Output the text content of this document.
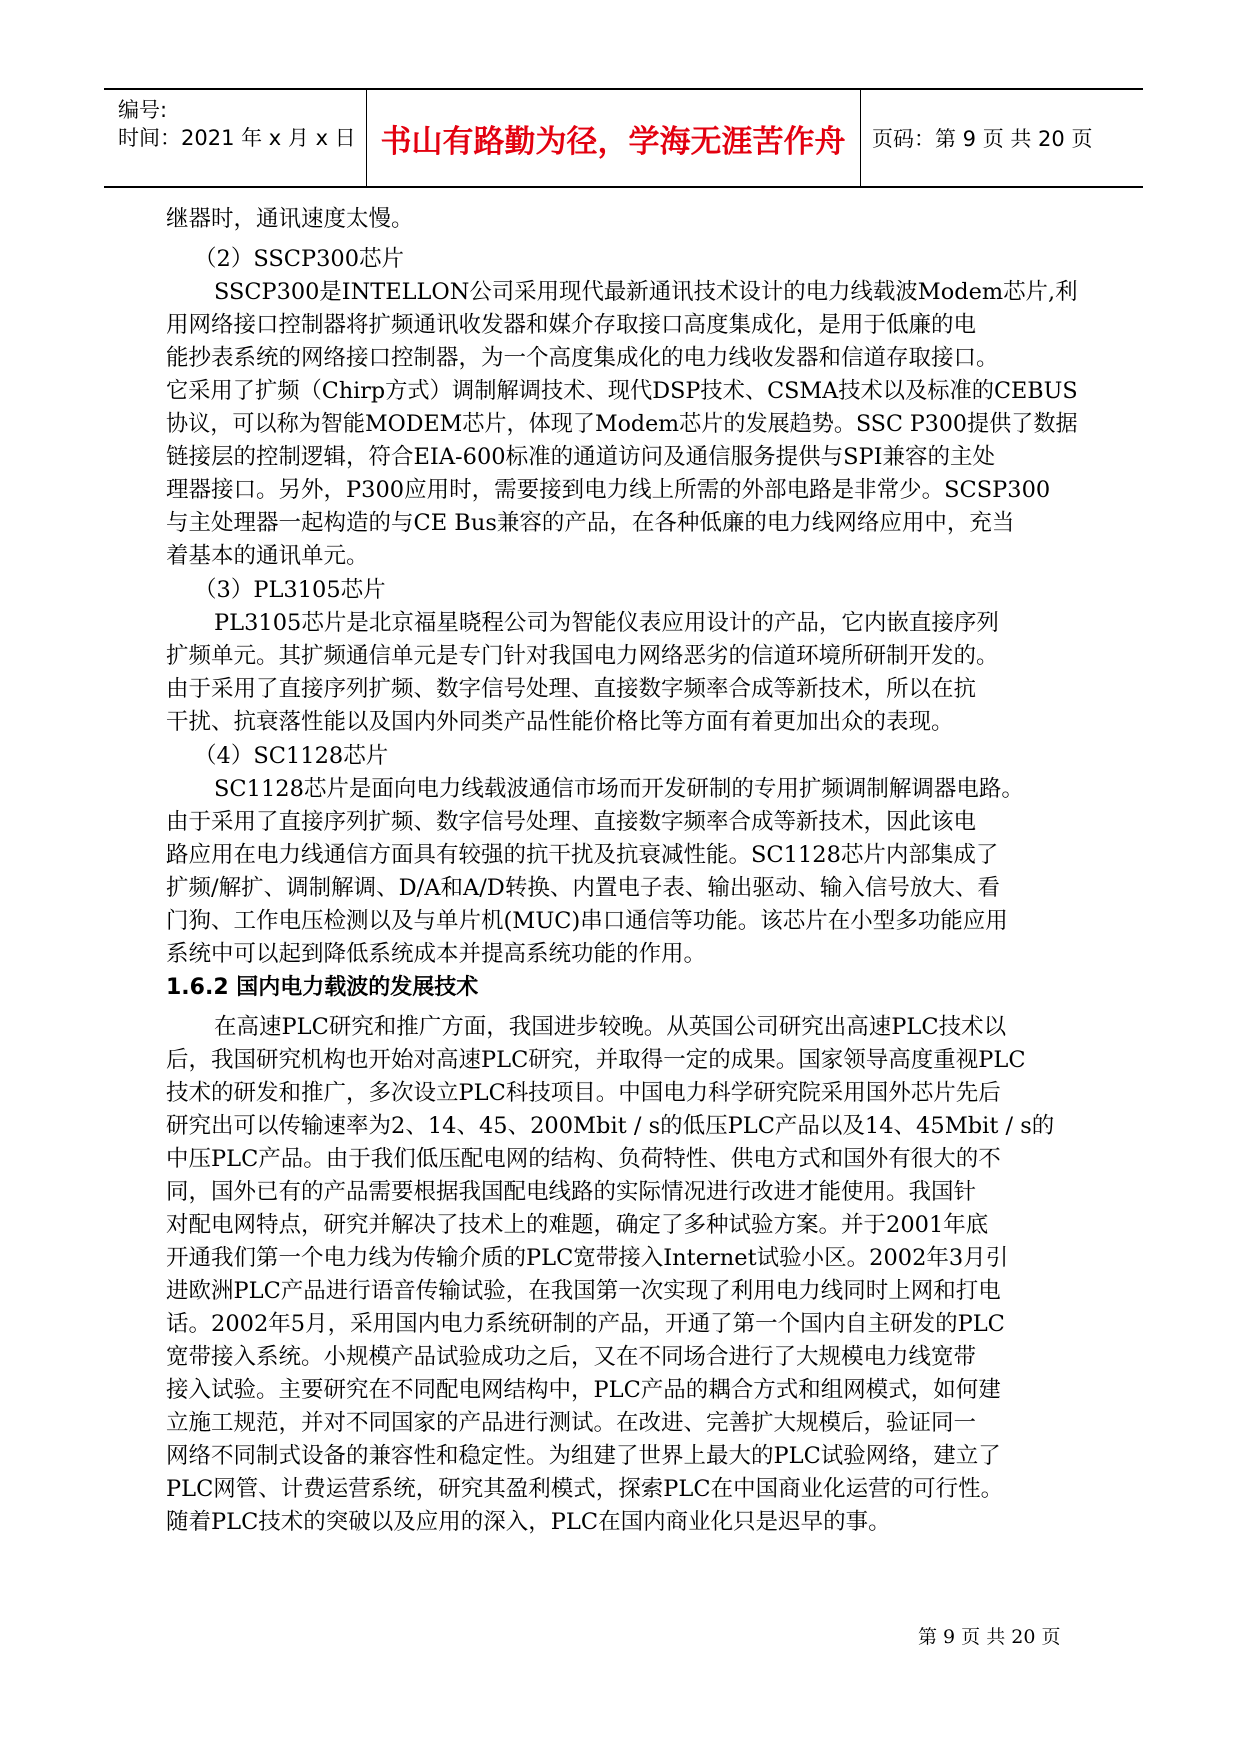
编号:
时间：2021 年 x 月 x 日 书山有路勤为径，学海无涯苦作舟	页码：第 9 页 共 20 页
继器时，通讯速度太慢。
（2）SSCP300芯片
SSCP300是INTELLON公司采用现代最新通讯技术设计的电力线载波Modem芯片,利
用网络接口控制器将扩频通讯收发器和媒介存取接口高度集成化，是用于低廉的电
能抄表系统的网络接口控制器，为一个高度集成化的电力线收发器和信道存取接口。
它采用了扩频（Chirp方式）调制解调技术、现代DSP技术、CSMA技术以及标准的CEBUS
协议，可以称为智能MODEM芯片，体现了Modem芯片的发展趋势。SSC P300提供了数据
链接层的控制逻辑，符合EIA-600标准的通道访问及通信服务提供与SPI兼容的主处
理器接口。另外，P300应用时，需要接到电力线上所需的外部电路是非常少。SCSP300
与主处理器一起构造的与CE Bus兼容的产品，在各种低廉的电力线网络应用中，充当
着基本的通讯单元。
（3）PL3105芯片
PL3105芯片是北京福星晓程公司为智能仪表应用设计的产品，它内嵌直接序列
扩频单元。其扩频通信单元是专门针对我国电力网络恶劣的信道环境所研制开发的。
由于采用了直接序列扩频、数字信号处理、直接数字频率合成等新技术，所以在抗
干扰、抗衰落性能以及国内外同类产品性能价格比等方面有着更加出众的表现。
（4）SC1128芯片
SC1128芯片是面向电力线载波通信市场而开发研制的专用扩频调制解调器电路。
由于采用了直接序列扩频、数字信号处理、直接数字频率合成等新技术，因此该电
路应用在电力线通信方面具有较强的抗干扰及抗衰减性能。SC1128芯片内部集成了
扩频/解扩、调制解调、D/A和A/D转换、内置电子表、输出驱动、输入信号放大、看
门狗、工作电压检测以及与单片机(MUC)串口通信等功能。该芯片在小型多功能应用
系统中可以起到降低系统成本并提高系统功能的作用。
1.6.2 国内电力载波的发展技术
在高速PLC研究和推广方面，我国进步较晚。从英国公司研究出高速PLC技术以
后，我国研究机构也开始对高速PLC研究，并取得一定的成果。国家领导高度重视PLC
技术的研发和推广，多次设立PLC科技项目。中国电力科学研究院采用国外芯片先后
研究出可以传输速率为2、14、45、200Mbit / s的低压PLC产品以及14、45Mbit / s的
中压PLC产品。由于我们低压配电网的结构、负荷特性、供电方式和国外有很大的不
同，国外已有的产品需要根据我国配电线路的实际情况进行改进才能使用。我国针
对配电网特点，研究并解决了技术上的难题，确定了多种试验方案。并于2001年底
开通我们第一个电力线为传输介质的PLC宽带接入Internet试验小区。2002年3月引
进欧洲PLC产品进行语音传输试验，在我国第一次实现了利用电力线同时上网和打电
话。2002年5月，采用国内电力系统研制的产品，开通了第一个国内自主研发的PLC
宽带接入系统。小规模产品试验成功之后，又在不同场合进行了大规模电力线宽带
接入试验。主要研究在不同配电网结构中，PLC产品的耦合方式和组网模式，如何建
立施工规范，并对不同国家的产品进行测试。在改进、完善扩大规模后，验证同一
网络不同制式设备的兼容性和稳定性。为组建了世界上最大的PLC试验网络，建立了
PLC网管、计费运营系统，研究其盈利模式，探索PLC在中国商业化运营的可行性。
随着PLC技术的突破以及应用的深入，PLC在国内商业化只是迟早的事。
第 9 页 共 20 页
